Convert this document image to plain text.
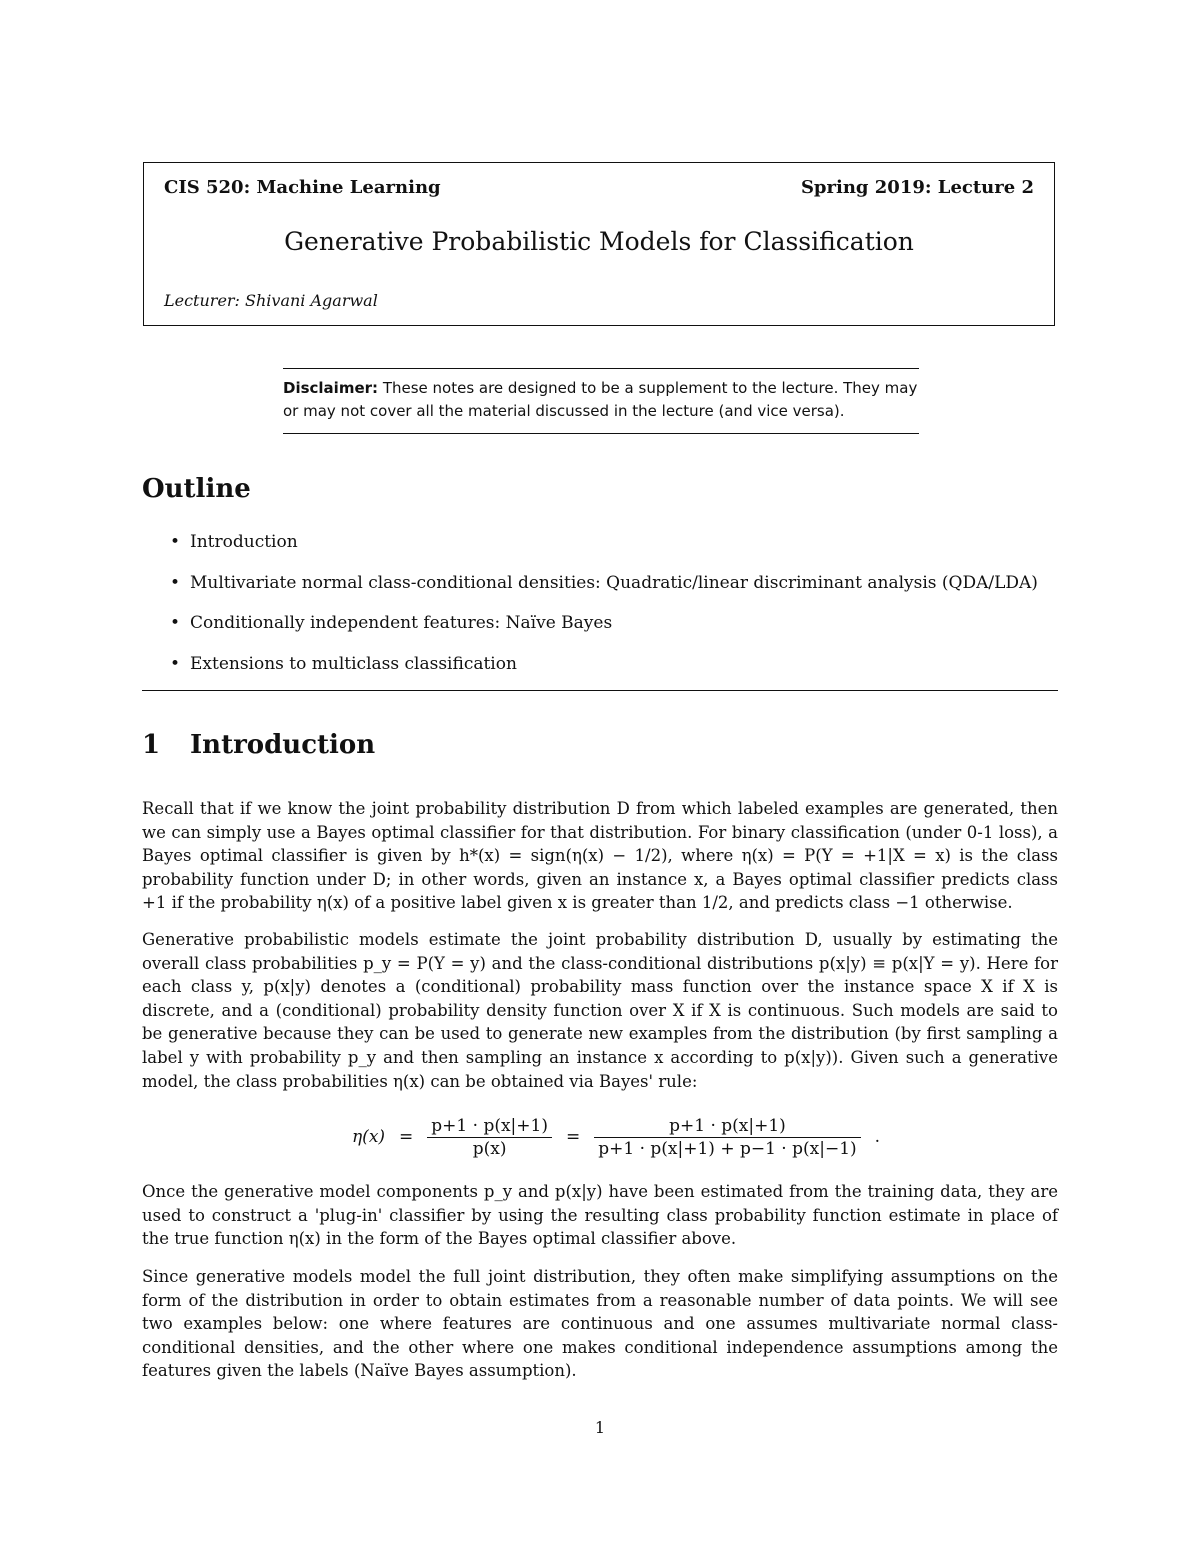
CIS 520: Machine Learning	Spring 2019: Lecture 2
Generative Probabilistic Models for Classification
Lecturer: Shivani Agarwal
Disclaimer: These notes are designed to be a supplement to the lecture. They may or may not cover all the material discussed in the lecture (and vice versa).
Outline
• Introduction
• Multivariate normal class-conditional densities: Quadratic/linear discriminant analysis (QDA/LDA)
• Conditionally independent features: Naïve Bayes
• Extensions to multiclass classification
1 Introduction
Recall that if we know the joint probability distribution D from which labeled examples are generated, then we can simply use a Bayes optimal classifier for that distribution. For binary classification (under 0-1 loss), a Bayes optimal classifier is given by h*(x) = sign(η(x) − 1/2), where η(x) = P(Y = +1|X = x) is the class probability function under D; in other words, given an instance x, a Bayes optimal classifier predicts class +1 if the probability η(x) of a positive label given x is greater than 1/2, and predicts class −1 otherwise.
Generative probabilistic models estimate the joint probability distribution D, usually by estimating the overall class probabilities p_y = P(Y = y) and the class-conditional distributions p(x|y) ≡ p(x|Y = y). Here for each class y, p(x|y) denotes a (conditional) probability mass function over the instance space X if X is discrete, and a (conditional) probability density function over X if X is continuous. Such models are said to be generative because they can be used to generate new examples from the distribution (by first sampling a label y with probability p_y and then sampling an instance x according to p(x|y)). Given such a generative model, the class probabilities η(x) can be obtained via Bayes' rule:
$\eta(x) = \frac{p+1 \cdot p(x|+1)}{p(x)} = \frac{p+1 \cdot p(x|+1)}{p+1 \cdot p(x|+1) + p-1 \cdot p(x|-1)}$ .
Once the generative model components p_y and p(x|y) have been estimated from the training data, they are used to construct a 'plug-in' classifier by using the resulting class probability function estimate in place of the true function η(x) in the form of the Bayes optimal classifier above.
Since generative models model the full joint distribution, they often make simplifying assumptions on the form of the distribution in order to obtain estimates from a reasonable number of data points. We will see two examples below: one where features are continuous and one assumes multivariate normal class-conditional densities, and the other where one makes conditional independence assumptions among the features given the labels (Naïve Bayes assumption).
1
